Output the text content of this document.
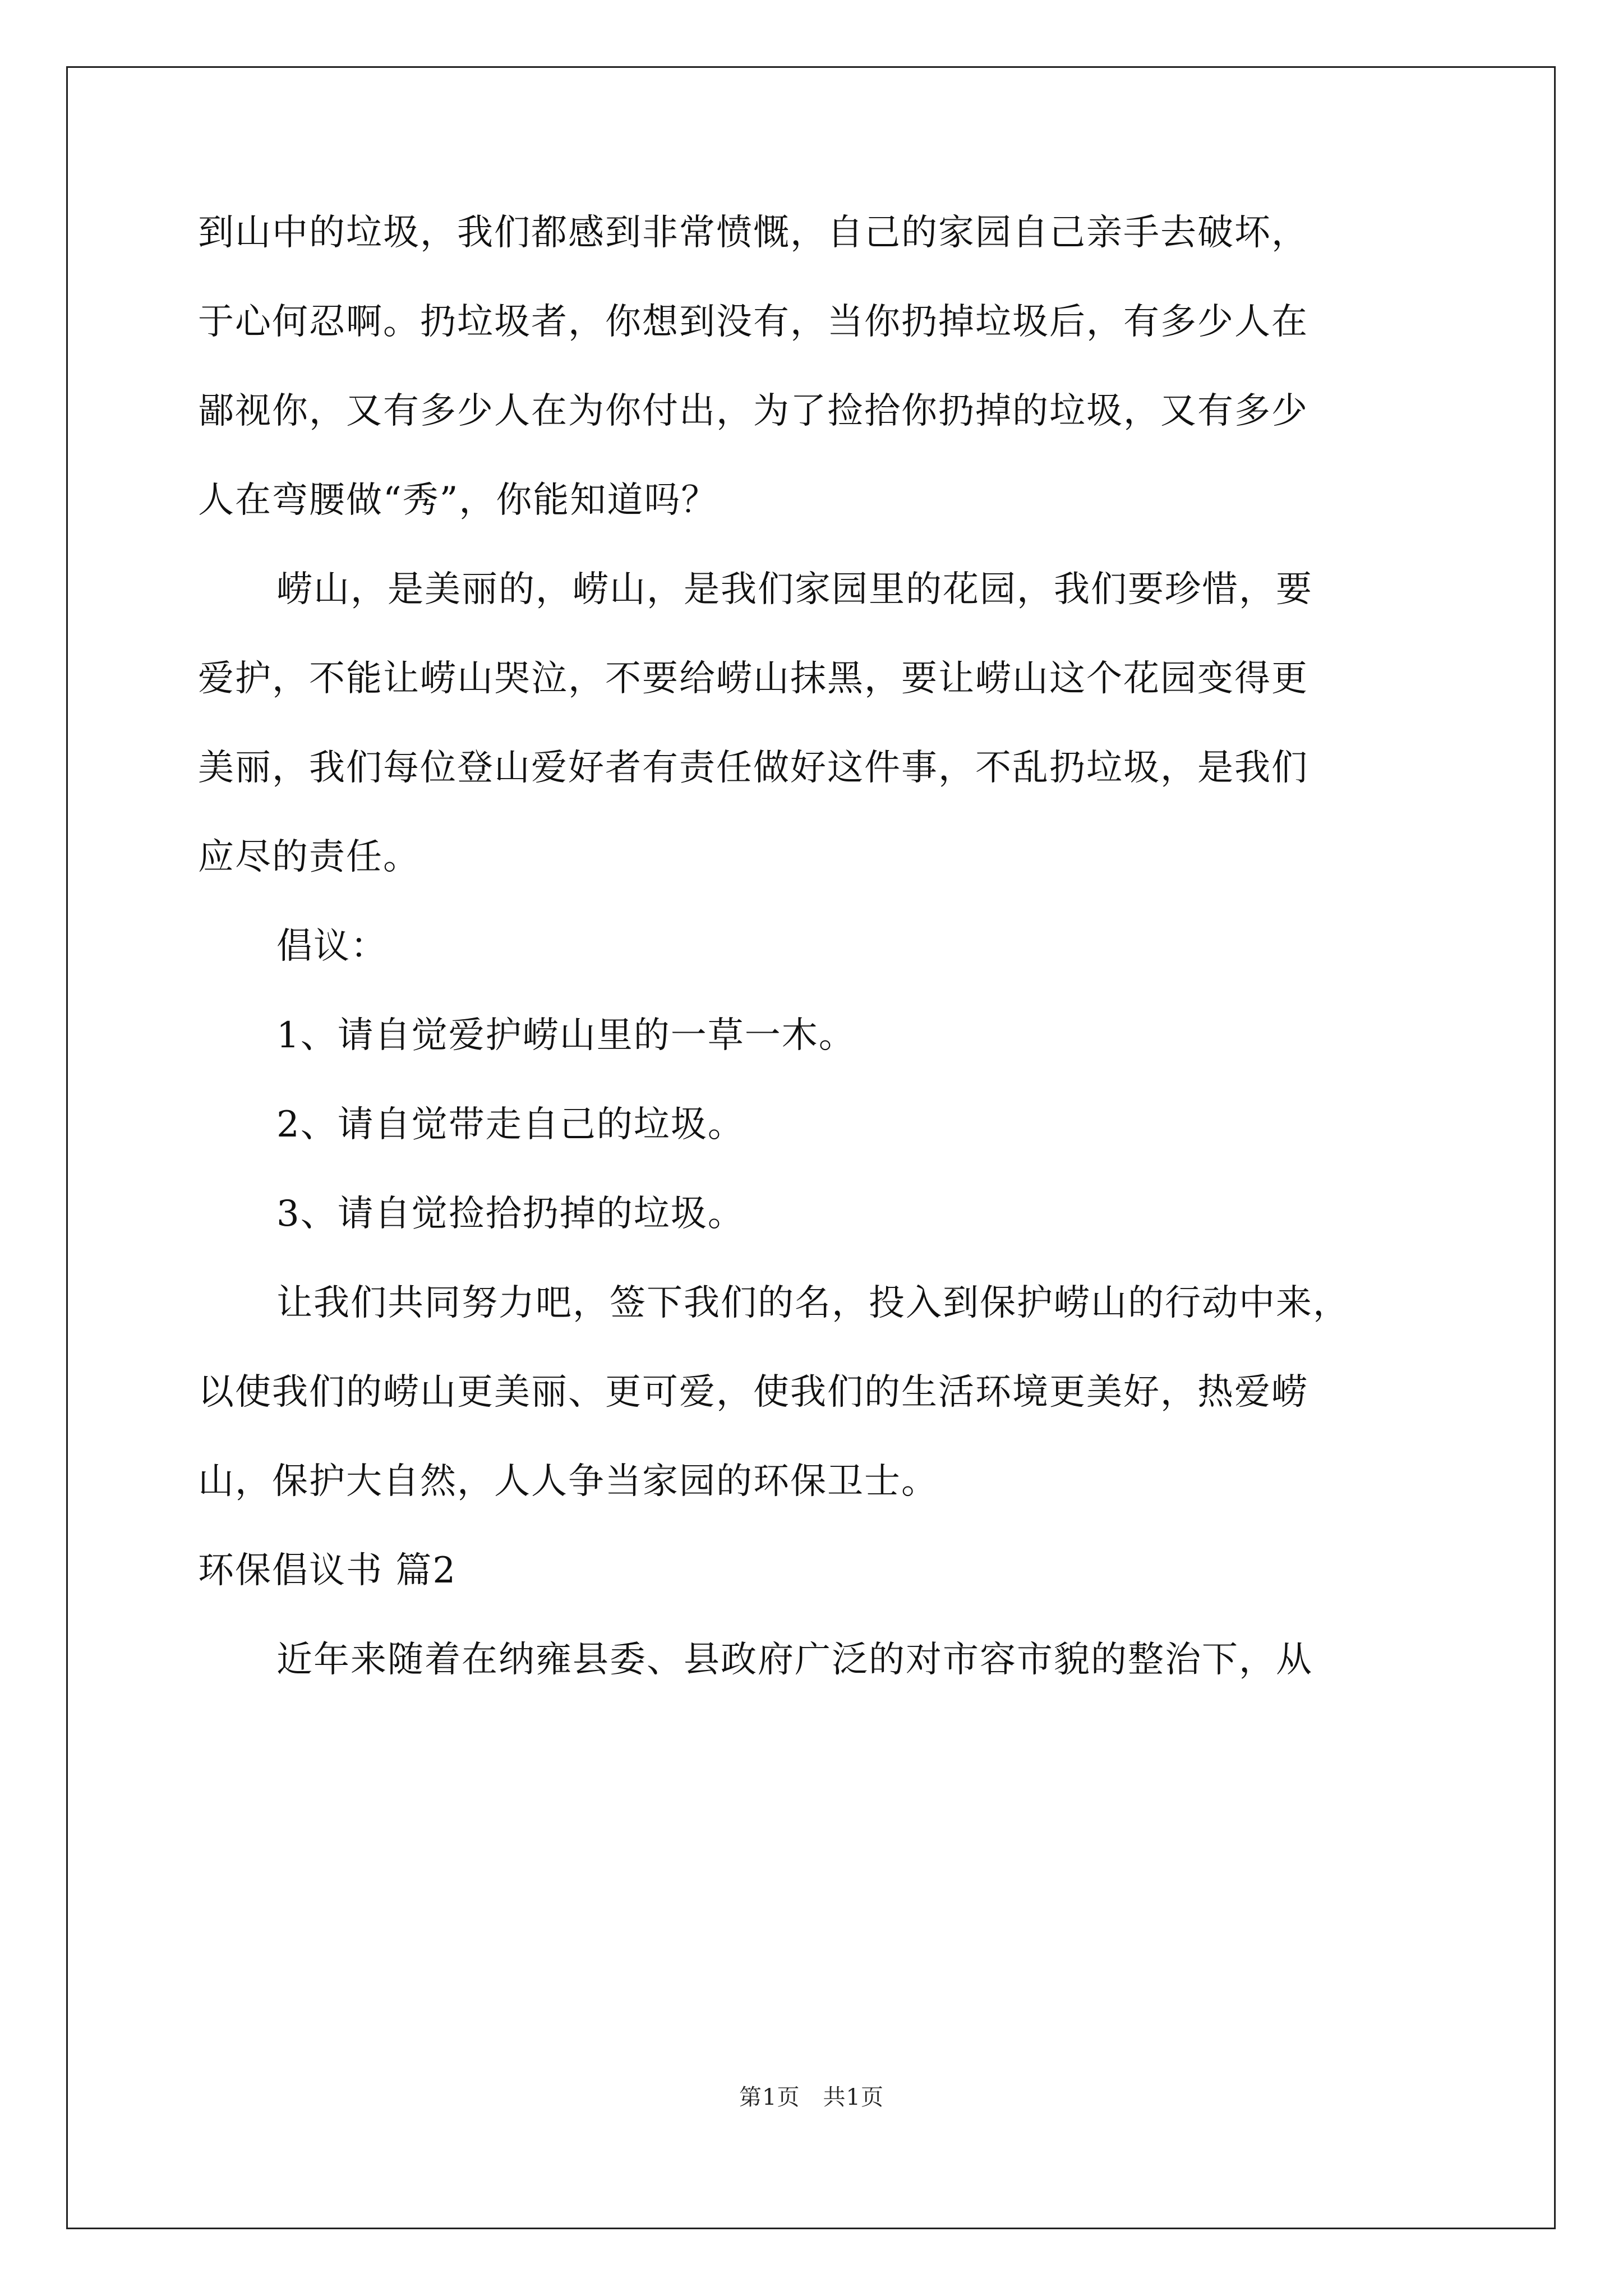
到山中的垃圾，我们都感到非常愤慨，自己的家园自己亲手去破坏，
于心何忍啊。扔垃圾者，你想到没有，当你扔掉垃圾后，有多少人在
鄙视你，又有多少人在为你付出，为了捡拾你扔掉的垃圾，又有多少
人在弯腰做“秀”，你能知道吗？
崂山，是美丽的，崂山，是我们家园里的花园，我们要珍惜，要
爱护，不能让崂山哭泣，不要给崂山抹黑，要让崂山这个花园变得更
美丽，我们每位登山爱好者有责任做好这件事，不乱扔垃圾，是我们
应尽的责任。
倡议：
1、请自觉爱护崂山里的一草一木。
2、请自觉带走自己的垃圾。
3、请自觉捡拾扔掉的垃圾。
让我们共同努力吧，签下我们的名，投入到保护崂山的行动中来，
以使我们的崂山更美丽、更可爱，使我们的生活环境更美好，热爱崂
山，保护大自然，人人争当家园的环保卫士。
环保倡议书 篇2
近年来随着在纳雍县委、县政府广泛的对市容市貌的整治下，从
第1页　共1页
